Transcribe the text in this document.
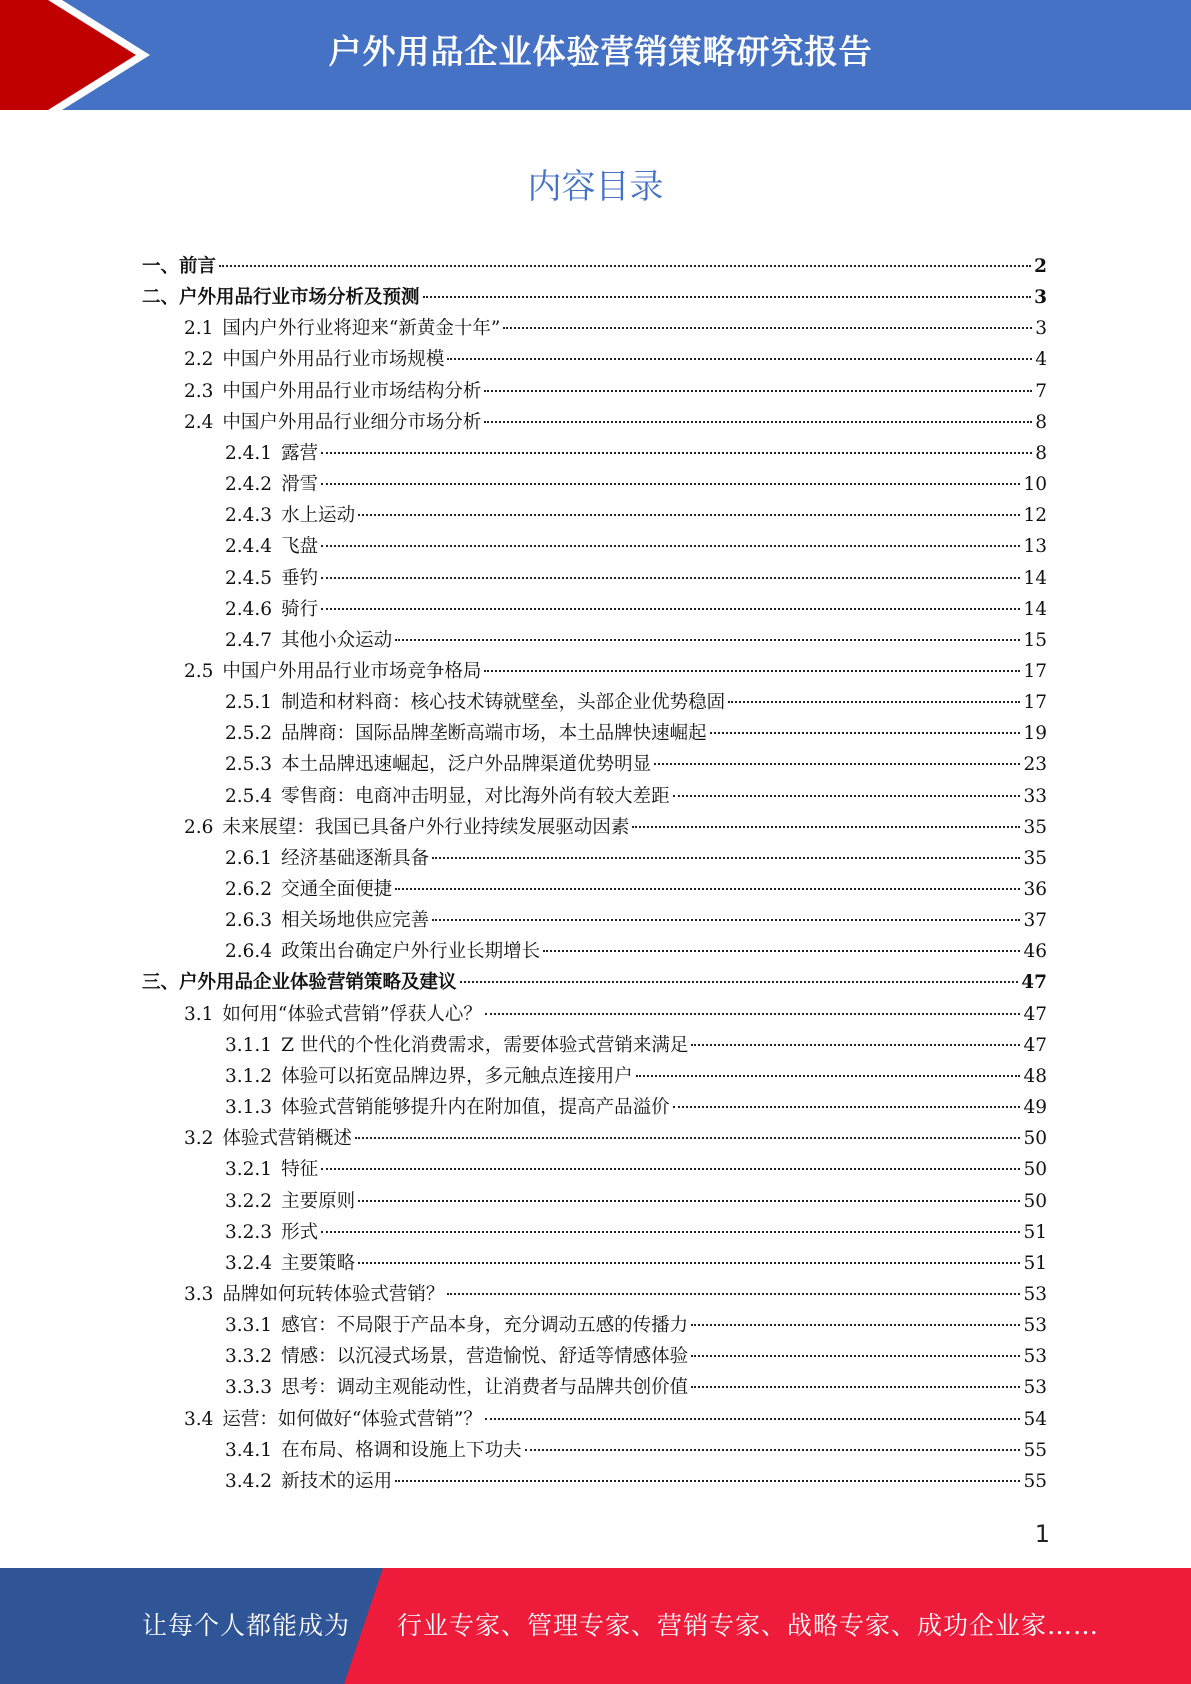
户外用品企业体验营销策略研究报告
内容目录
一、前言	2
二、户外用品行业市场分析及预测	3
2.1 国内户外行业将迎来“新黄金十年”	3
2.2 中国户外用品行业市场规模	4
2.3 中国户外用品行业市场结构分析	7
2.4 中国户外用品行业细分市场分析	8
2.4.1 露营	8
2.4.2 滑雪	10
2.4.3 水上运动	12
2.4.4 飞盘	13
2.4.5 垂钓	14
2.4.6 骑行	14
2.4.7 其他小众运动	15
2.5 中国户外用品行业市场竞争格局	17
2.5.1 制造和材料商：核心技术铸就壁垒，头部企业优势稳固	17
2.5.2 品牌商：国际品牌垄断高端市场，本土品牌快速崛起	19
2.5.3 本土品牌迅速崛起，泛户外品牌渠道优势明显	23
2.5.4 零售商：电商冲击明显，对比海外尚有较大差距	33
2.6 未来展望：我国已具备户外行业持续发展驱动因素	35
2.6.1 经济基础逐渐具备	35
2.6.2 交通全面便捷	36
2.6.3 相关场地供应完善	37
2.6.4 政策出台确定户外行业长期增长	46
三、户外用品企业体验营销策略及建议	47
3.1 如何用“体验式营销”俘获人心？	47
3.1.1 Z 世代的个性化消费需求，需要体验式营销来满足	47
3.1.2 体验可以拓宽品牌边界，多元触点连接用户	48
3.1.3 体验式营销能够提升内在附加值，提高产品溢价	49
3.2 体验式营销概述	50
3.2.1 特征	50
3.2.2 主要原则	50
3.2.3 形式	51
3.2.4 主要策略	51
3.3 品牌如何玩转体验式营销？	53
3.3.1 感官：不局限于产品本身，充分调动五感的传播力	53
3.3.2 情感：以沉浸式场景，营造愉悦、舒适等情感体验	53
3.3.3 思考：调动主观能动性，让消费者与品牌共创价值	53
3.4 运营：如何做好“体验式营销”？	54
3.4.1 在布局、格调和设施上下功夫	55
3.4.2 新技术的运用	55
1
让每个人都能成为 行业专家、管理专家、营销专家、战略专家、成功企业家……
